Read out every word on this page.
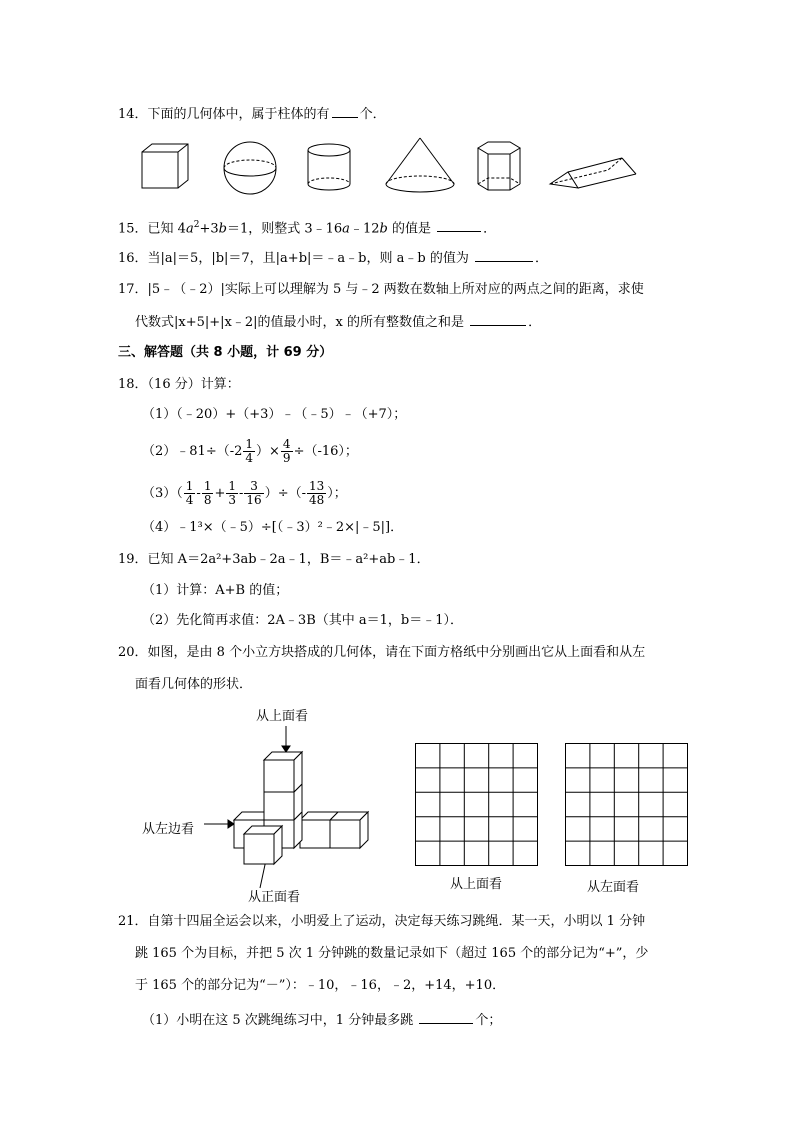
14．下面的几何体中，属于柱体的有 个．
15．已知 $4a^2+3b=1$，则整式 3﹣16a﹣12b 的值是	．
16．当|a|＝5，|b|＝7，且|a+b|＝﹣a﹣b，则 a﹣b 的值为	．
17．|5﹣（﹣2）|实际上可以理解为 5 与﹣2 两数在数轴上所对应的两点之间的距离，求使
代数式|x+5|+|x﹣2|的值最小时，x 的所有整数值之和是	．
三、解答题（共 8 小题，计 69 分）
18．（16 分）计算：
（1）（﹣20）+（+3）﹣（﹣5）﹣（+7）；
（2）﹣81÷（-2 $\frac{1}{4}$ ）× $\frac{4}{9} \div(-16)$；
$(3)( \frac{1}{4} - \frac{1}{8} + \frac{1}{3} - \frac{3}{16}$ ）÷（- $\frac{13}{48}$ ）；
（4）﹣1³×（﹣5）÷[（﹣3）²﹣2×|﹣5|]．
19．已知 A＝2a²+3ab﹣2a﹣1，B＝﹣a²+ab﹣1．
（1）计算：A+B 的值；
（2）先化简再求值：2A﹣3B（其中 a＝1，b＝﹣1）．
20．如图，是由 8 个小立方块搭成的几何体，请在下面方格纸中分别画出它从上面看和从左
面看几何体的形状．
从上面看
从左边看
从正面看
从上面看	从左面看
21．自第十四届全运会以来，小明爱上了运动，决定每天练习跳绳．某一天，小明以 1 分钟
跳 165 个为目标，并把 5 次 1 分钟跳的数量记录如下（超过 165 个的部分记为“+”，少
于 165 个的部分记为“－”）：﹣10，﹣16，﹣2，+14，+10．
（1）小明在这 5 次跳绳练习中，1 分钟最多跳	个；
